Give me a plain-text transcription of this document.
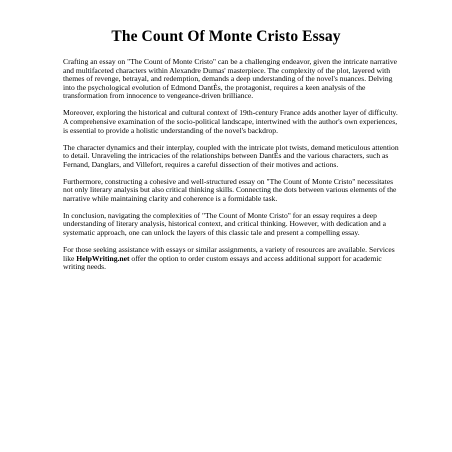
The Count Of Monte Cristo Essay

Crafting an essay on "The Count of Monte Cristo" can be a challenging endeavor, given the intricate narrative and multifaceted characters within Alexandre Dumas' masterpiece. The complexity of the plot, layered with themes of revenge, betrayal, and redemption, demands a deep understanding of the novel's nuances. Delving into the psychological evolution of Edmond DantÈs, the protagonist, requires a keen analysis of the transformation from innocence to vengeance-driven brilliance.

Moreover, exploring the historical and cultural context of 19th-century France adds another layer of difficulty. A comprehensive examination of the socio-political landscape, intertwined with the author's own experiences, is essential to provide a holistic understanding of the novel's backdrop.

The character dynamics and their interplay, coupled with the intricate plot twists, demand meticulous attention to detail. Unraveling the intricacies of the relationships between DantÈs and the various characters, such as Fernand, Danglars, and Villefort, requires a careful dissection of their motives and actions.

Furthermore, constructing a cohesive and well-structured essay on "The Count of Monte Cristo" necessitates not only literary analysis but also critical thinking skills. Connecting the dots between various elements of the narrative while maintaining clarity and coherence is a formidable task.

In conclusion, navigating the complexities of "The Count of Monte Cristo" for an essay requires a deep understanding of literary analysis, historical context, and critical thinking. However, with dedication and a systematic approach, one can unlock the layers of this classic tale and present a compelling essay.

For those seeking assistance with essays or similar assignments, a variety of resources are available. Services like HelpWriting.net offer the option to order custom essays and access additional support for academic writing needs.
